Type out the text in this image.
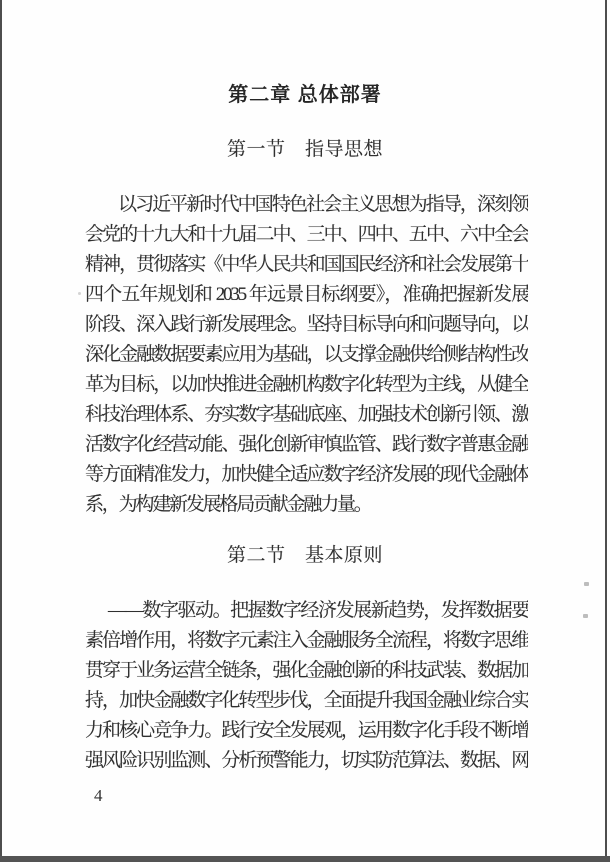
第二章 总体部署
第一节　指导思想
以习近平新时代中国特色社会主义思想为指导，深刻领
会党的十九大和十九届二中、三中、四中、五中、六中全会
精神，贯彻落实《中华人民共和国国民经济和社会发展第十
四个五年规划和 2035 年远景目标纲要》，准确把握新发展
阶段、深入践行新发展理念。坚持目标导向和问题导向，以
深化金融数据要素应用为基础，以支撑金融供给侧结构性改
革为目标，以加快推进金融机构数字化转型为主线，从健全
科技治理体系、夯实数字基础底座、加强技术创新引领、激
活数字化经营动能、强化创新审慎监管、践行数字普惠金融
等方面精准发力，加快健全适应数字经济发展的现代金融体
系，为构建新发展格局贡献金融力量。
第二节　基本原则
——数字驱动。把握数字经济发展新趋势，发挥数据要
素倍增作用，将数字元素注入金融服务全流程，将数字思维
贯穿于业务运营全链条，强化金融创新的科技武装、数据加
持，加快金融数字化转型步伐，全面提升我国金融业综合实
力和核心竞争力。践行安全发展观，运用数字化手段不断增
强风险识别监测、分析预警能力，切实防范算法、数据、网
4
